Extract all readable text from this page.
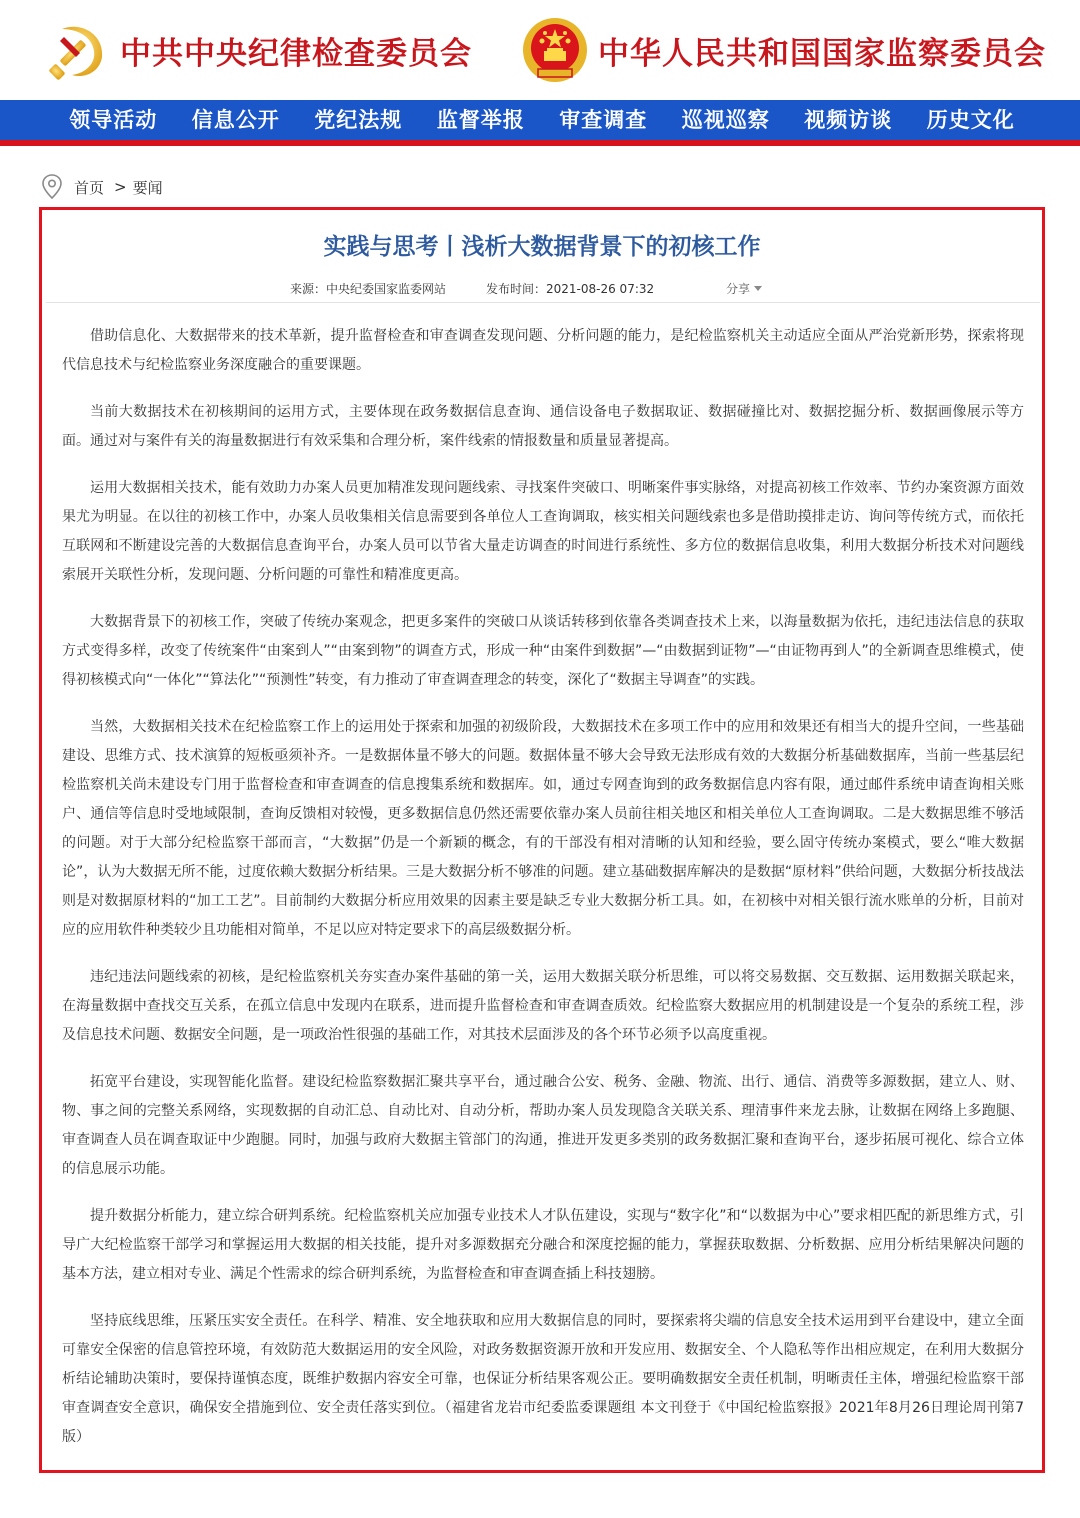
中共中央纪律检查委员会	中华人民共和国国家监察委员会
领导活动	信息公开	党纪法规	监督举报	审查调查	巡视巡察	视频访谈	历史文化
首页 > 要闻
实践与思考丨浅析大数据背景下的初核工作
来源：中央纪委国家监委网站	发布时间：2021-08-26 07:32	分享

借助信息化、大数据带来的技术革新，提升监督检查和审查调查发现问题、分析问题的能力，是纪检监察机关主动适应全面从严治党新形势，探索将现代信息技术与纪检监察业务深度融合的重要课题。

当前大数据技术在初核期间的运用方式，主要体现在政务数据信息查询、通信设备电子数据取证、数据碰撞比对、数据挖掘分析、数据画像展示等方面。通过对与案件有关的海量数据进行有效采集和合理分析，案件线索的情报数量和质量显著提高。

运用大数据相关技术，能有效助力办案人员更加精准发现问题线索、寻找案件突破口、明晰案件事实脉络，对提高初核工作效率、节约办案资源方面效果尤为明显。在以往的初核工作中，办案人员收集相关信息需要到各单位人工查询调取，核实相关问题线索也多是借助摸排走访、询问等传统方式，而依托互联网和不断建设完善的大数据信息查询平台，办案人员可以节省大量走访调查的时间进行系统性、多方位的数据信息收集，利用大数据分析技术对问题线索展开关联性分析，发现问题、分析问题的可靠性和精准度更高。

大数据背景下的初核工作，突破了传统办案观念，把更多案件的突破口从谈话转移到依靠各类调查技术上来，以海量数据为依托，违纪违法信息的获取方式变得多样，改变了传统案件“由案到人”“由案到物”的调查方式，形成一种“由案件到数据”—“由数据到证物”—“由证物再到人”的全新调查思维模式，使得初核模式向“一体化”“算法化”“预测性”转变，有力推动了审查调查理念的转变，深化了“数据主导调查”的实践。

当然，大数据相关技术在纪检监察工作上的运用处于探索和加强的初级阶段，大数据技术在多项工作中的应用和效果还有相当大的提升空间，一些基础建设、思维方式、技术演算的短板亟须补齐。一是数据体量不够大的问题。数据体量不够大会导致无法形成有效的大数据分析基础数据库，当前一些基层纪检监察机关尚未建设专门用于监督检查和审查调查的信息搜集系统和数据库。如，通过专网查询到的政务数据信息内容有限，通过邮件系统申请查询相关账户、通信等信息时受地域限制，查询反馈相对较慢，更多数据信息仍然还需要依靠办案人员前往相关地区和相关单位人工查询调取。二是大数据思维不够活的问题。对于大部分纪检监察干部而言，“大数据”仍是一个新颖的概念，有的干部没有相对清晰的认知和经验，要么固守传统办案模式，要么“唯大数据论”，认为大数据无所不能，过度依赖大数据分析结果。三是大数据分析不够准的问题。建立基础数据库解决的是数据“原材料”供给问题，大数据分析技战法则是对数据原材料的“加工工艺”。目前制约大数据分析应用效果的因素主要是缺乏专业大数据分析工具。如，在初核中对相关银行流水账单的分析，目前对应的应用软件种类较少且功能相对简单，不足以应对特定要求下的高层级数据分析。

违纪违法问题线索的初核，是纪检监察机关夯实查办案件基础的第一关，运用大数据关联分析思维，可以将交易数据、交互数据、运用数据关联起来，在海量数据中查找交互关系，在孤立信息中发现内在联系，进而提升监督检查和审查调查质效。纪检监察大数据应用的机制建设是一个复杂的系统工程，涉及信息技术问题、数据安全问题，是一项政治性很强的基础工作，对其技术层面涉及的各个环节必须予以高度重视。

拓宽平台建设，实现智能化监督。建设纪检监察数据汇聚共享平台，通过融合公安、税务、金融、物流、出行、通信、消费等多源数据，建立人、财、物、事之间的完整关系网络，实现数据的自动汇总、自动比对、自动分析，帮助办案人员发现隐含关联关系、理清事件来龙去脉，让数据在网络上多跑腿、审查调查人员在调查取证中少跑腿。同时，加强与政府大数据主管部门的沟通，推进开发更多类别的政务数据汇聚和查询平台，逐步拓展可视化、综合立体的信息展示功能。

提升数据分析能力，建立综合研判系统。纪检监察机关应加强专业技术人才队伍建设，实现与“数字化”和“以数据为中心”要求相匹配的新思维方式，引导广大纪检监察干部学习和掌握运用大数据的相关技能，提升对多源数据充分融合和深度挖掘的能力，掌握获取数据、分析数据、应用分析结果解决问题的基本方法，建立相对专业、满足个性需求的综合研判系统，为监督检查和审查调查插上科技翅膀。

坚持底线思维，压紧压实安全责任。在科学、精准、安全地获取和应用大数据信息的同时，要探索将尖端的信息安全技术运用到平台建设中，建立全面可靠安全保密的信息管控环境，有效防范大数据运用的安全风险，对政务数据资源开放和开发应用、数据安全、个人隐私等作出相应规定，在利用大数据分析结论辅助决策时，要保持谨慎态度，既维护数据内容安全可靠，也保证分析结果客观公正。要明确数据安全责任机制，明晰责任主体，增强纪检监察干部审查调查安全意识，确保安全措施到位、安全责任落实到位。（福建省龙岩市纪委监委课题组 本文刊登于《中国纪检监察报》2021年8月26日理论周刊第7版）
